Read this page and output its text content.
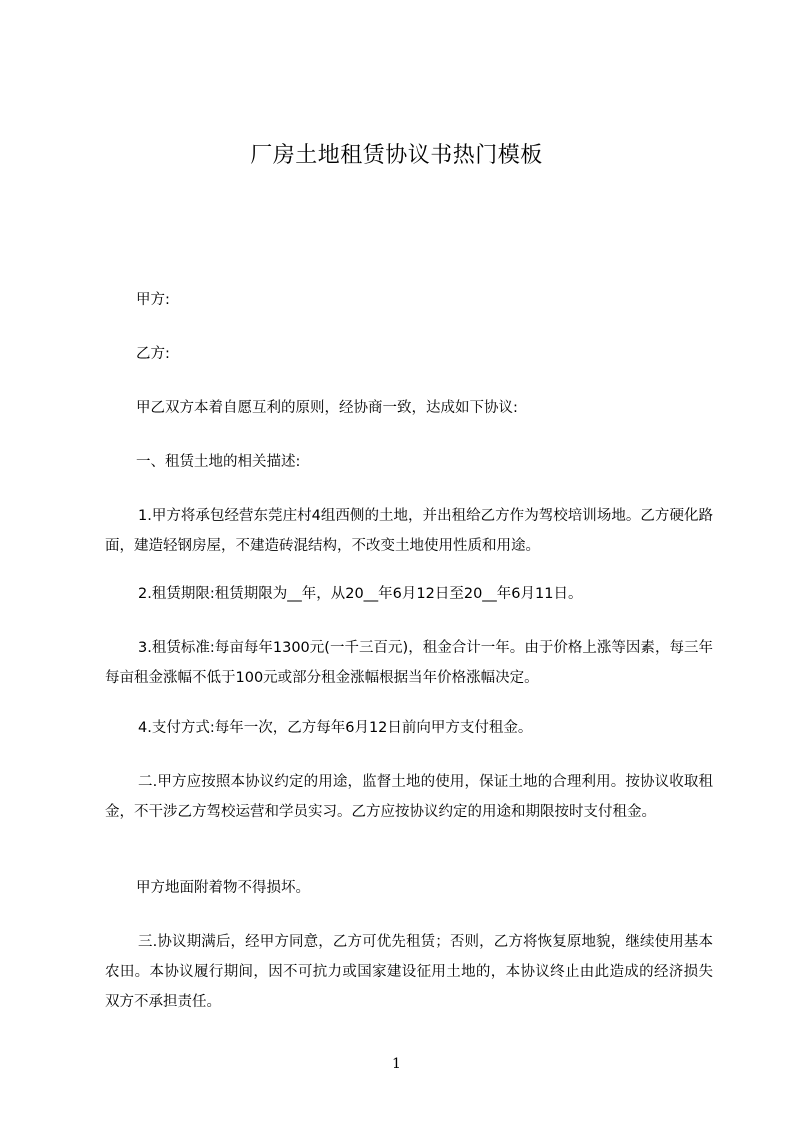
厂房土地租赁协议书热门模板

甲方:

乙方:

甲乙双方本着自愿互利的原则，经协商一致，达成如下协议:

一、租赁土地的相关描述:

1.甲方将承包经营东莞庄村4组西侧的土地，并出租给乙方作为驾校培训场地。乙方硬化路面，建造轻钢房屋，不建造砖混结构，不改变土地使用性质和用途。

2.租赁期限:租赁期限为__年，从20__年6月12日至20__年6月11日。

3.租赁标准:每亩每年1300元(一千三百元)，租金合计一年。由于价格上涨等因素，每三年每亩租金涨幅不低于100元或部分租金涨幅根据当年价格涨幅决定。

4.支付方式:每年一次，乙方每年6月12日前向甲方支付租金。

二.甲方应按照本协议约定的用途，监督土地的使用，保证土地的合理利用。按协议收取租金，不干涉乙方驾校运营和学员实习。乙方应按协议约定的用途和期限按时支付租金。

甲方地面附着物不得损坏。

三.协议期满后，经甲方同意，乙方可优先租赁；否则，乙方将恢复原地貌，继续使用基本农田。本协议履行期间，因不可抗力或国家建设征用土地的，本协议终止由此造成的经济损失双方不承担责任。

1
